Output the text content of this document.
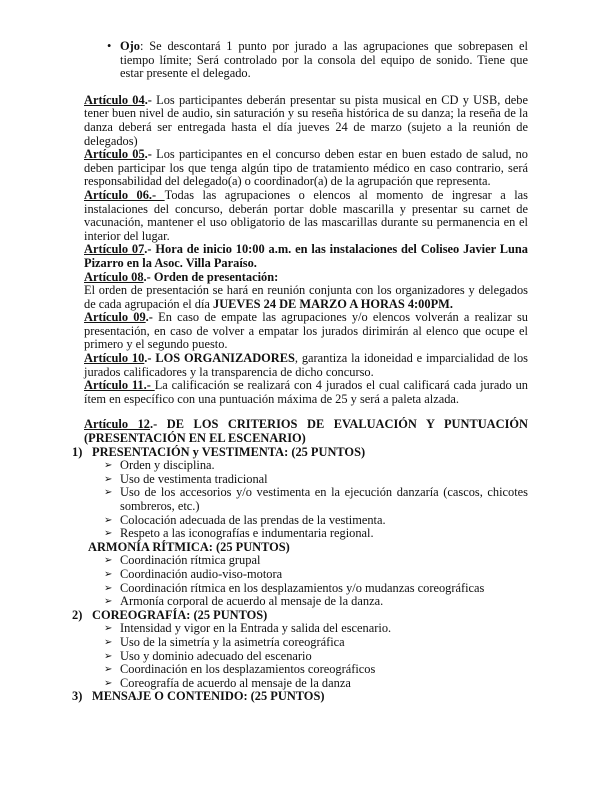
• Ojo: Se descontará 1 punto por jurado a las agrupaciones que sobrepasen el tiempo límite; Será controlado por la consola del equipo de sonido. Tiene que estar presente el delegado.

Artículo 04.- Los participantes deberán presentar su pista musical en CD y USB, debe tener buen nivel de audio, sin saturación y su reseña histórica de su danza; la reseña de la danza deberá ser entregada hasta el día jueves 24 de marzo (sujeto a la reunión de delegados)

Artículo 05.- Los participantes en el concurso deben estar en buen estado de salud, no deben participar los que tenga algún tipo de tratamiento médico en caso contrario, será responsabilidad del delegado(a) o coordinador(a) de la agrupación que representa.

Artículo 06.- Todas las agrupaciones o elencos al momento de ingresar a las instalaciones del concurso, deberán portar doble mascarilla y presentar su carnet de vacunación, mantener el uso obligatorio de las mascarillas durante su permanencia en el interior del lugar.

Artículo 07.- Hora de inicio 10:00 a.m. en las instalaciones del Coliseo Javier Luna Pizarro en la Asoc. Villa Paraíso.

Artículo 08.- Orden de presentación:

El orden de presentación se hará en reunión conjunta con los organizadores y delegados de cada agrupación el día JUEVES 24 DE MARZO A HORAS 4:00PM.

Artículo 09.- En caso de empate las agrupaciones y/o elencos volverán a realizar su presentación, en caso de volver a empatar los jurados dirimirán al elenco que ocupe el primero y el segundo puesto.

Artículo 10.- LOS ORGANIZADORES, garantiza la idoneidad e imparcialidad de los jurados calificadores y la transparencia de dicho concurso.

Artículo 11.- La calificación se realizará con 4 jurados el cual calificará cada jurado un ítem en específico con una puntuación máxima de 25 y será a paleta alzada.

Artículo 12.- DE LOS CRITERIOS DE EVALUACIÓN Y PUNTUACIÓN

(PRESENTACIÓN EN EL ESCENARIO)

1) PRESENTACIÓN y VESTIMENTA: (25 PUNTOS)

➢ Orden y disciplina.

➢ Uso de vestimenta tradicional

➢ Uso de los accesorios y/o vestimenta en la ejecución danzaría (cascos, chicotes sombreros, etc.)

➢ Colocación adecuada de las prendas de la vestimenta.

➢ Respeto a las iconografías e indumentaria regional.

ARMONÍA RÍTMICA: (25 PUNTOS)

➢ Coordinación rítmica grupal

➢ Coordinación audio-viso-motora

➢ Coordinación rítmica en los desplazamientos y/o mudanzas coreográficas

➢ Armonía corporal de acuerdo al mensaje de la danza.

2) COREOGRAFÍA: (25 PUNTOS)

➢ Intensidad y vigor en la Entrada y salida del escenario.

➢ Uso de la simetría y la asimetría coreográfica

➢ Uso y dominio adecuado del escenario

➢ Coordinación en los desplazamientos coreográficos

➢ Coreografía de acuerdo al mensaje de la danza

3) MENSAJE O CONTENIDO: (25 PUNTOS)
